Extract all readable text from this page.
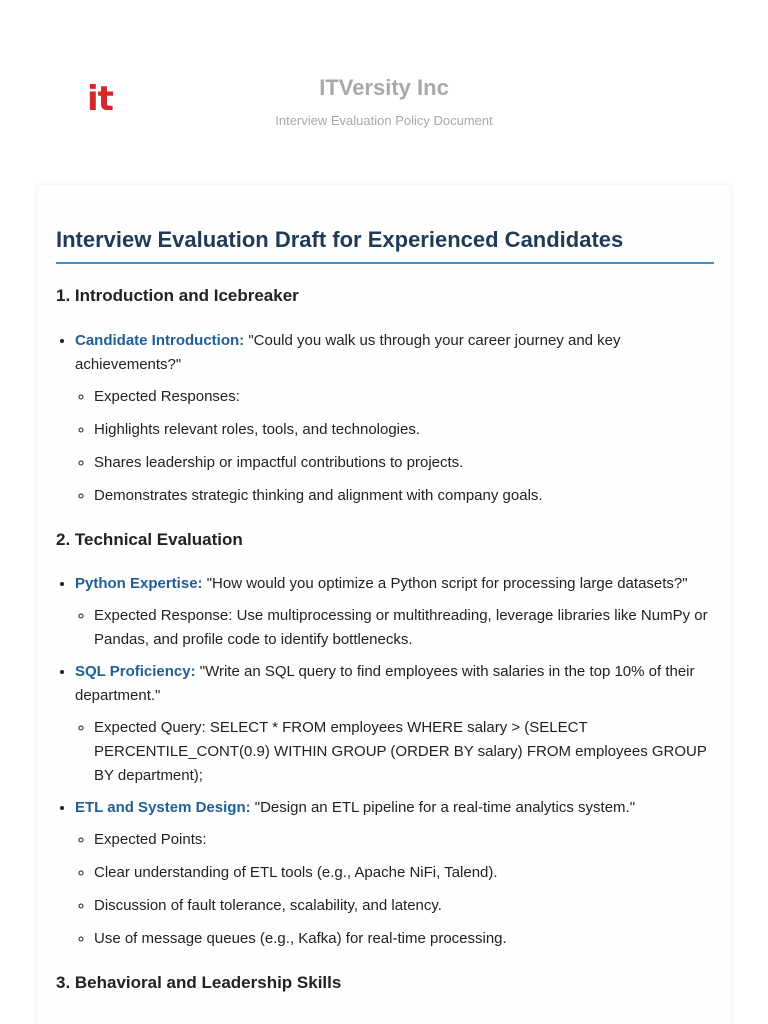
it	ITVersity Inc
Interview Evaluation Policy Document
Interview Evaluation Draft for Experienced Candidates
1. Introduction and Icebreaker
• Candidate Introduction: "Could you walk us through your career journey and key achievements?"
◦ Expected Responses:
◦ Highlights relevant roles, tools, and technologies.
◦ Shares leadership or impactful contributions to projects.
◦ Demonstrates strategic thinking and alignment with company goals.
2. Technical Evaluation
• Python Expertise: "How would you optimize a Python script for processing large datasets?"
◦ Expected Response: Use multiprocessing or multithreading, leverage libraries like NumPy or Pandas, and profile code to identify bottlenecks.
• SQL Proficiency: "Write an SQL query to find employees with salaries in the top 10% of their department."
◦ Expected Query: SELECT * FROM employees WHERE salary > (SELECT PERCENTILE_CONT(0.9) WITHIN GROUP (ORDER BY salary) FROM employees GROUP BY department);
• ETL and System Design: "Design an ETL pipeline for a real-time analytics system."
◦ Expected Points:
◦ Clear understanding of ETL tools (e.g., Apache NiFi, Talend).
◦ Discussion of fault tolerance, scalability, and latency.
◦ Use of message queues (e.g., Kafka) for real-time processing.
3. Behavioral and Leadership Skills
